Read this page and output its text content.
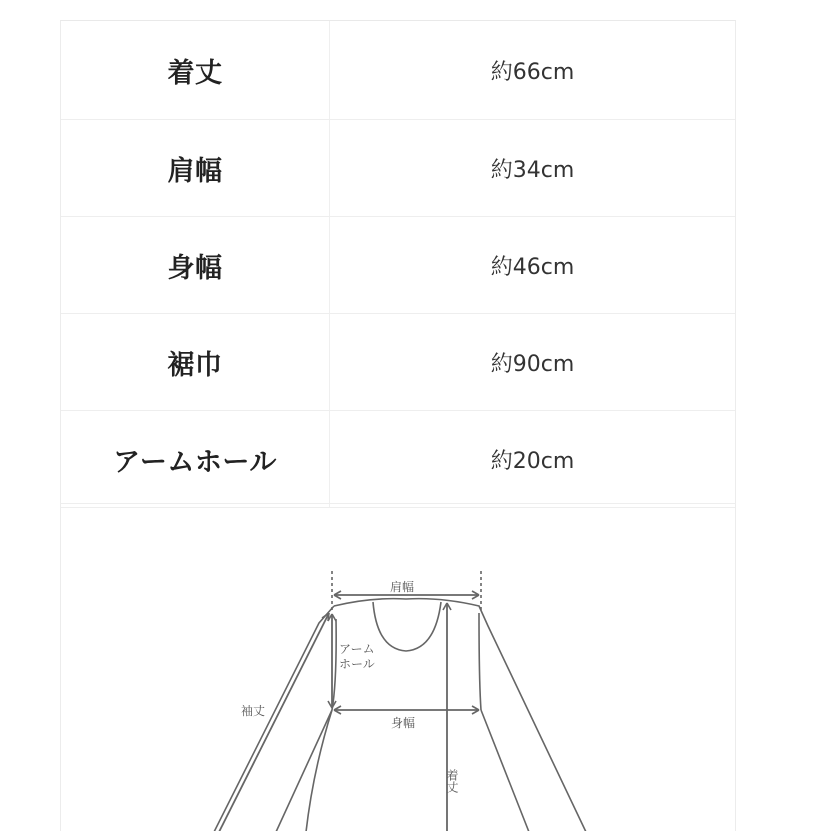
着丈	約66cm
肩幅	約34cm
身幅	約46cm
裾巾	約90cm
アームホール	約20cm
肩幅
アーム
ホール
袖丈
身幅
着丈
